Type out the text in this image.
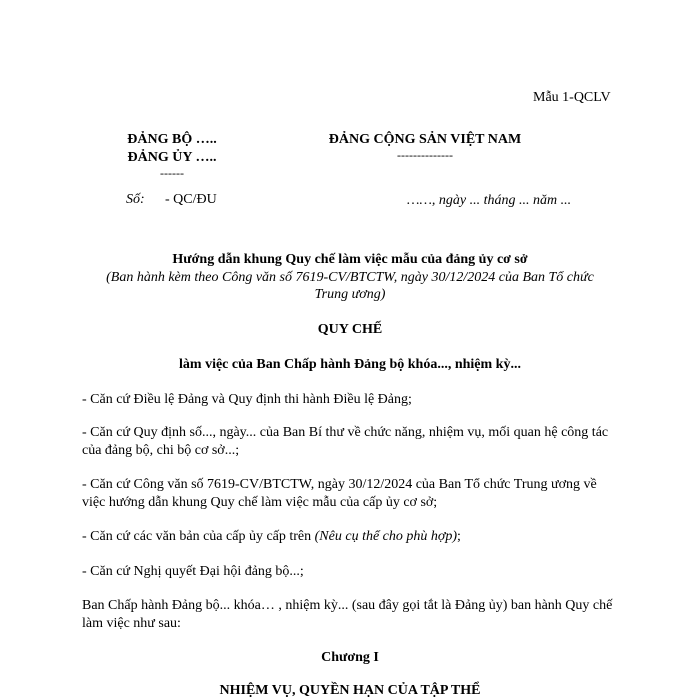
Mẫu 1-QCLV
ĐẢNG BỘ …..
ĐẢNG ỦY …..
------
ĐẢNG CỘNG SẢN VIỆT NAM
--------------
Số: - QC/ĐU	……, ngày ... tháng ... năm ...
Hướng dẫn khung Quy chế làm việc mẫu của đảng ủy cơ sở
(Ban hành kèm theo Công văn số 7619-CV/BTCTW, ngày 30/12/2024 của Ban Tổ chức
Trung ương)
QUY CHẾ
làm việc của Ban Chấp hành Đảng bộ khóa..., nhiệm kỳ...
- Căn cứ Điều lệ Đảng và Quy định thi hành Điều lệ Đảng;
- Căn cứ Quy định số..., ngày... của Ban Bí thư về chức năng, nhiệm vụ, mối quan hệ công tác của đảng bộ, chi bộ cơ sở...;
- Căn cứ Công văn số 7619-CV/BTCTW, ngày 30/12/2024 của Ban Tổ chức Trung ương về việc hướng dẫn khung Quy chế làm việc mẫu của cấp ủy cơ sở;
- Căn cứ các văn bản của cấp ủy cấp trên (Nêu cụ thể cho phù hợp);
- Căn cứ Nghị quyết Đại hội đảng bộ...;
Ban Chấp hành Đảng bộ... khóa… , nhiệm kỳ... (sau đây gọi tắt là Đảng ủy) ban hành Quy chế làm việc như sau:
Chương I
NHIỆM VỤ, QUYỀN HẠN CỦA TẬP THỂ
